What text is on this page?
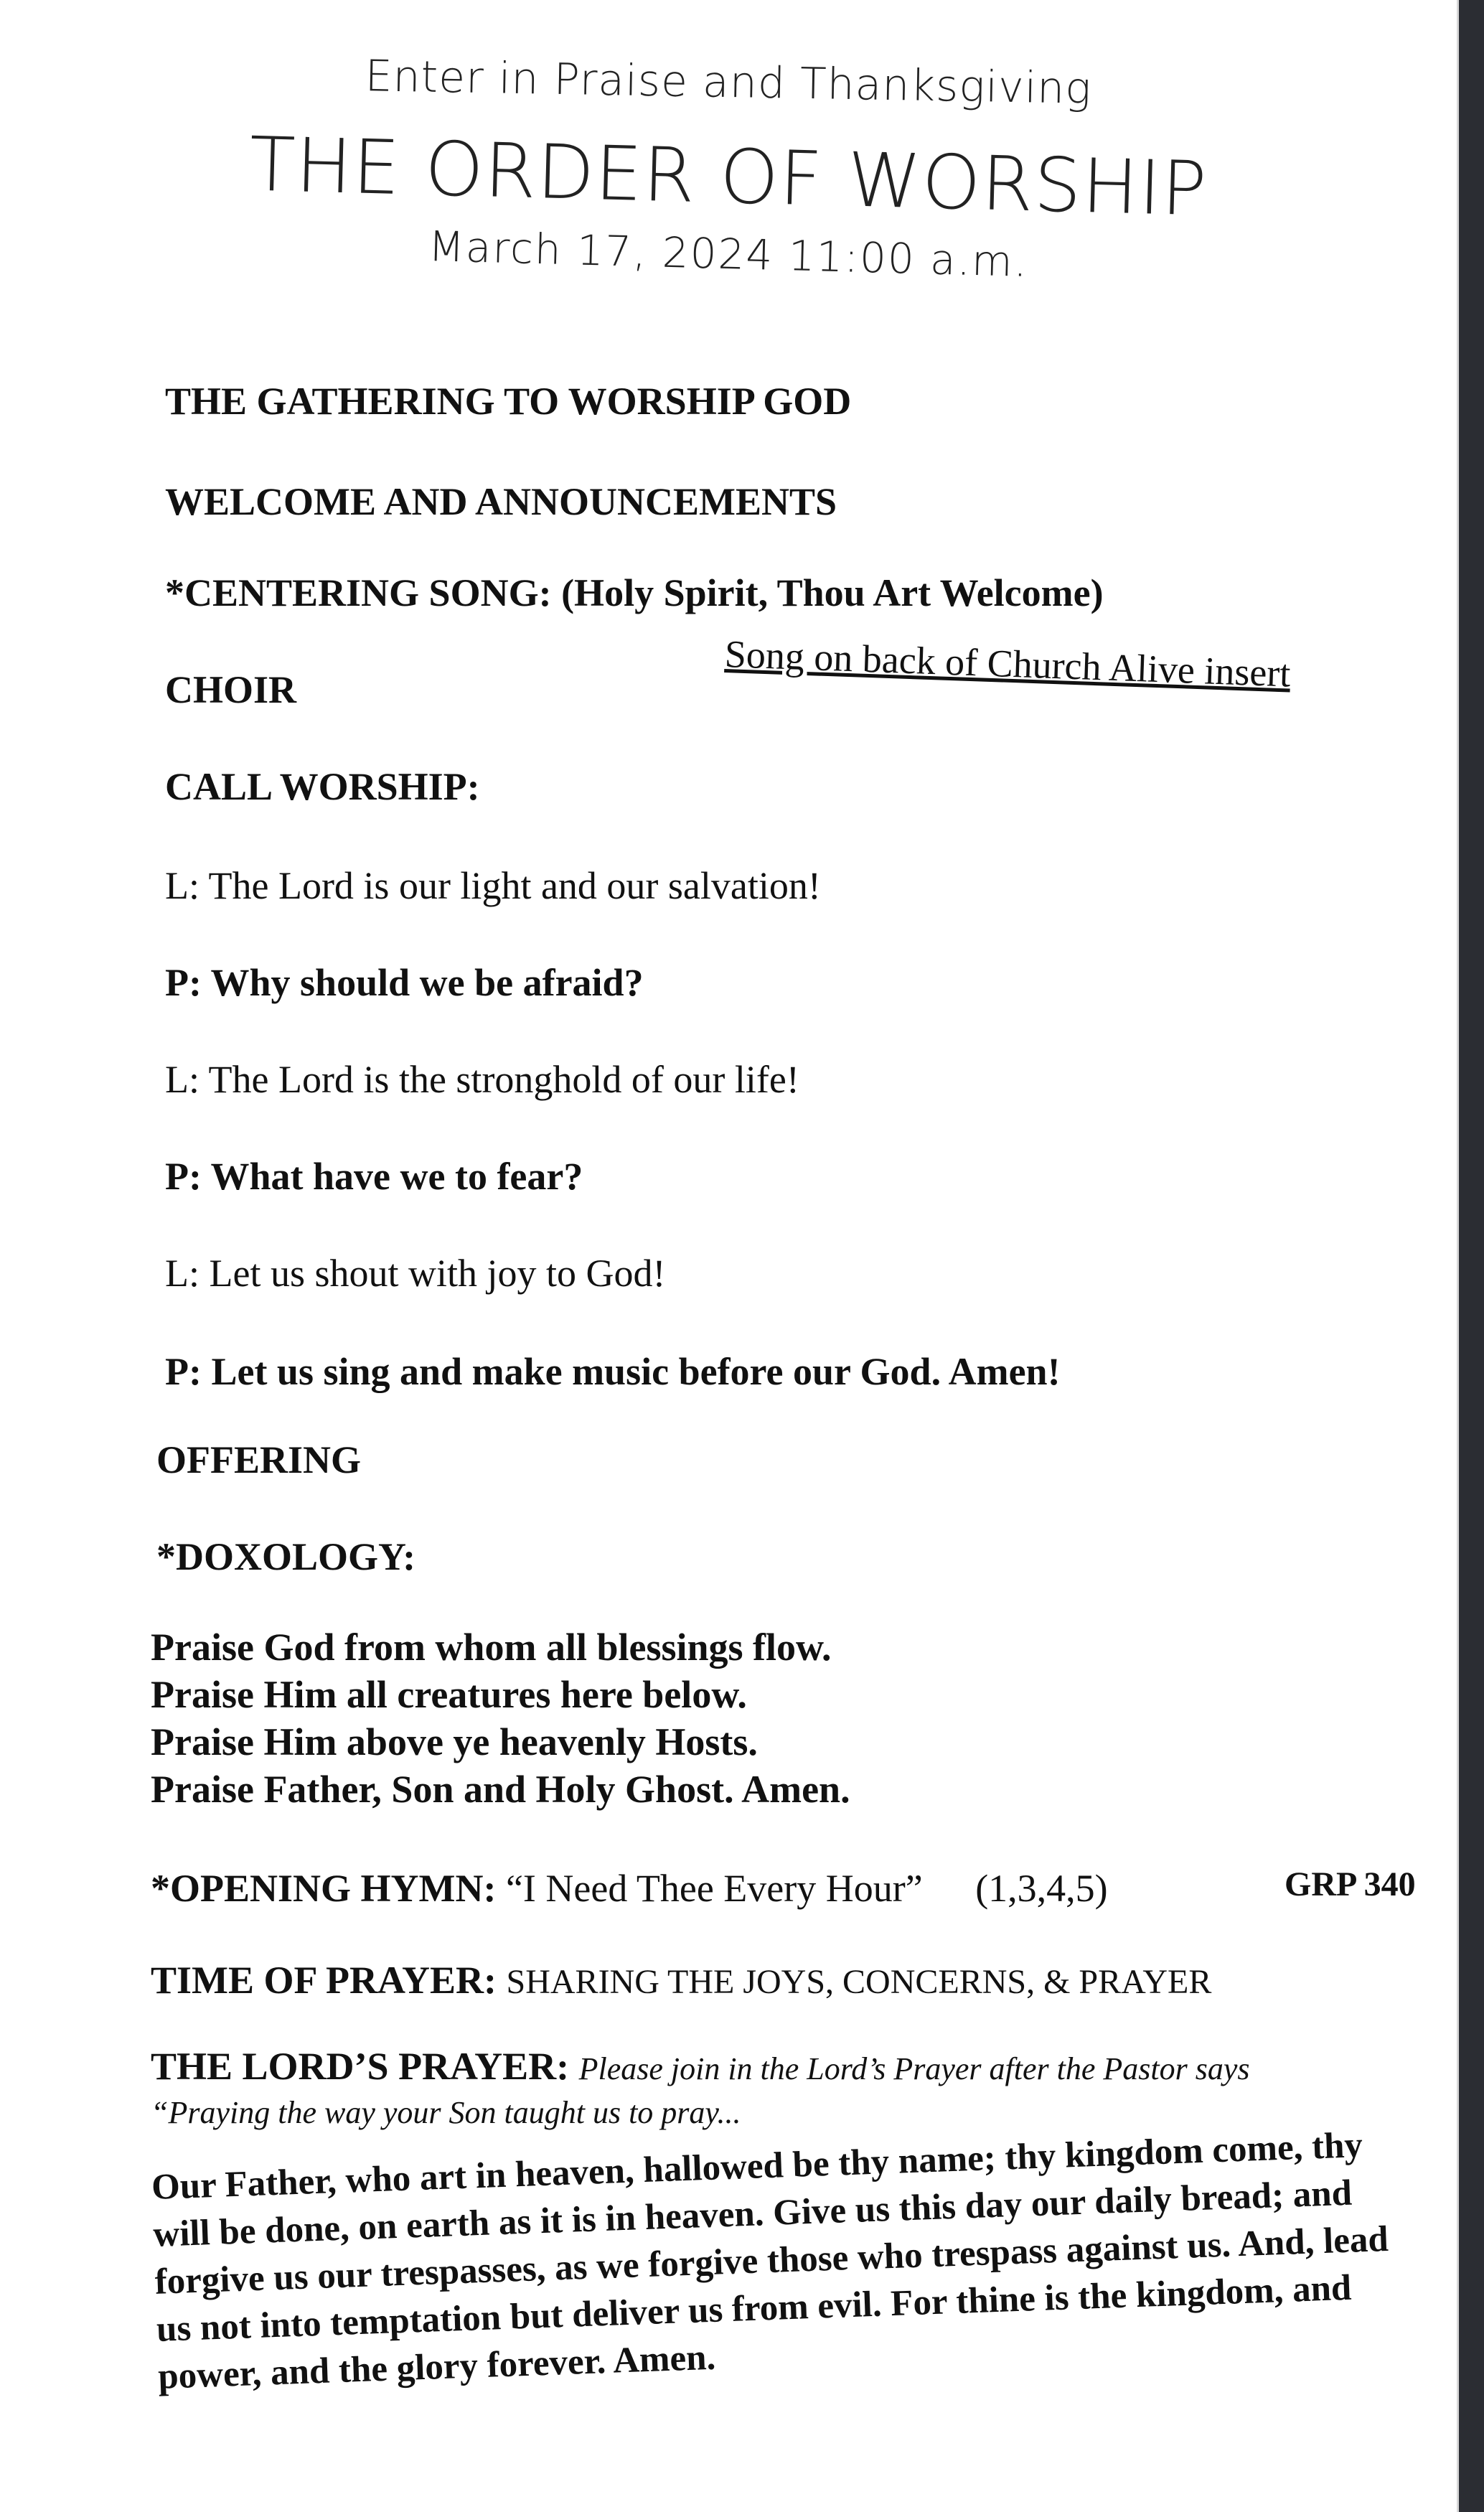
Enter in Praise and Thanksgiving
THE ORDER OF WORSHIP
March 17, 2024 11:00 a.m.
THE GATHERING TO WORSHIP GOD
WELCOME AND ANNOUNCEMENTS
*CENTERING SONG: (Holy Spirit, Thou Art Welcome)
Song on back of Church Alive insert
CHOIR
CALL WORSHIP:
L: The Lord is our light and our salvation!
P: Why should we be afraid?
L: The Lord is the stronghold of our life!
P: What have we to fear?
L: Let us shout with joy to God!
P: Let us sing and make music before our God. Amen!
OFFERING
*DOXOLOGY:
Praise God from whom all blessings flow.
Praise Him all creatures here below.
Praise Him above ye heavenly Hosts.
Praise Father, Son and Holy Ghost. Amen.
*OPENING HYMN: “I Need Thee Every Hour” (1,3,4,5)	GRP 340
TIME OF PRAYER: SHARING THE JOYS, CONCERNS, & PRAYER
THE LORD’S PRAYER: Please join in the Lord’s Prayer after the Pastor says
“Praying the way your Son taught us to pray...
Our Father, who art in heaven, hallowed be thy name; thy kingdom come, thy will be done, on earth as it is in heaven. Give us this day our daily bread; and forgive us our trespasses, as we forgive those who trespass against us. And, lead us not into temptation but deliver us from evil. For thine is the kingdom, and power, and the glory forever. Amen.
